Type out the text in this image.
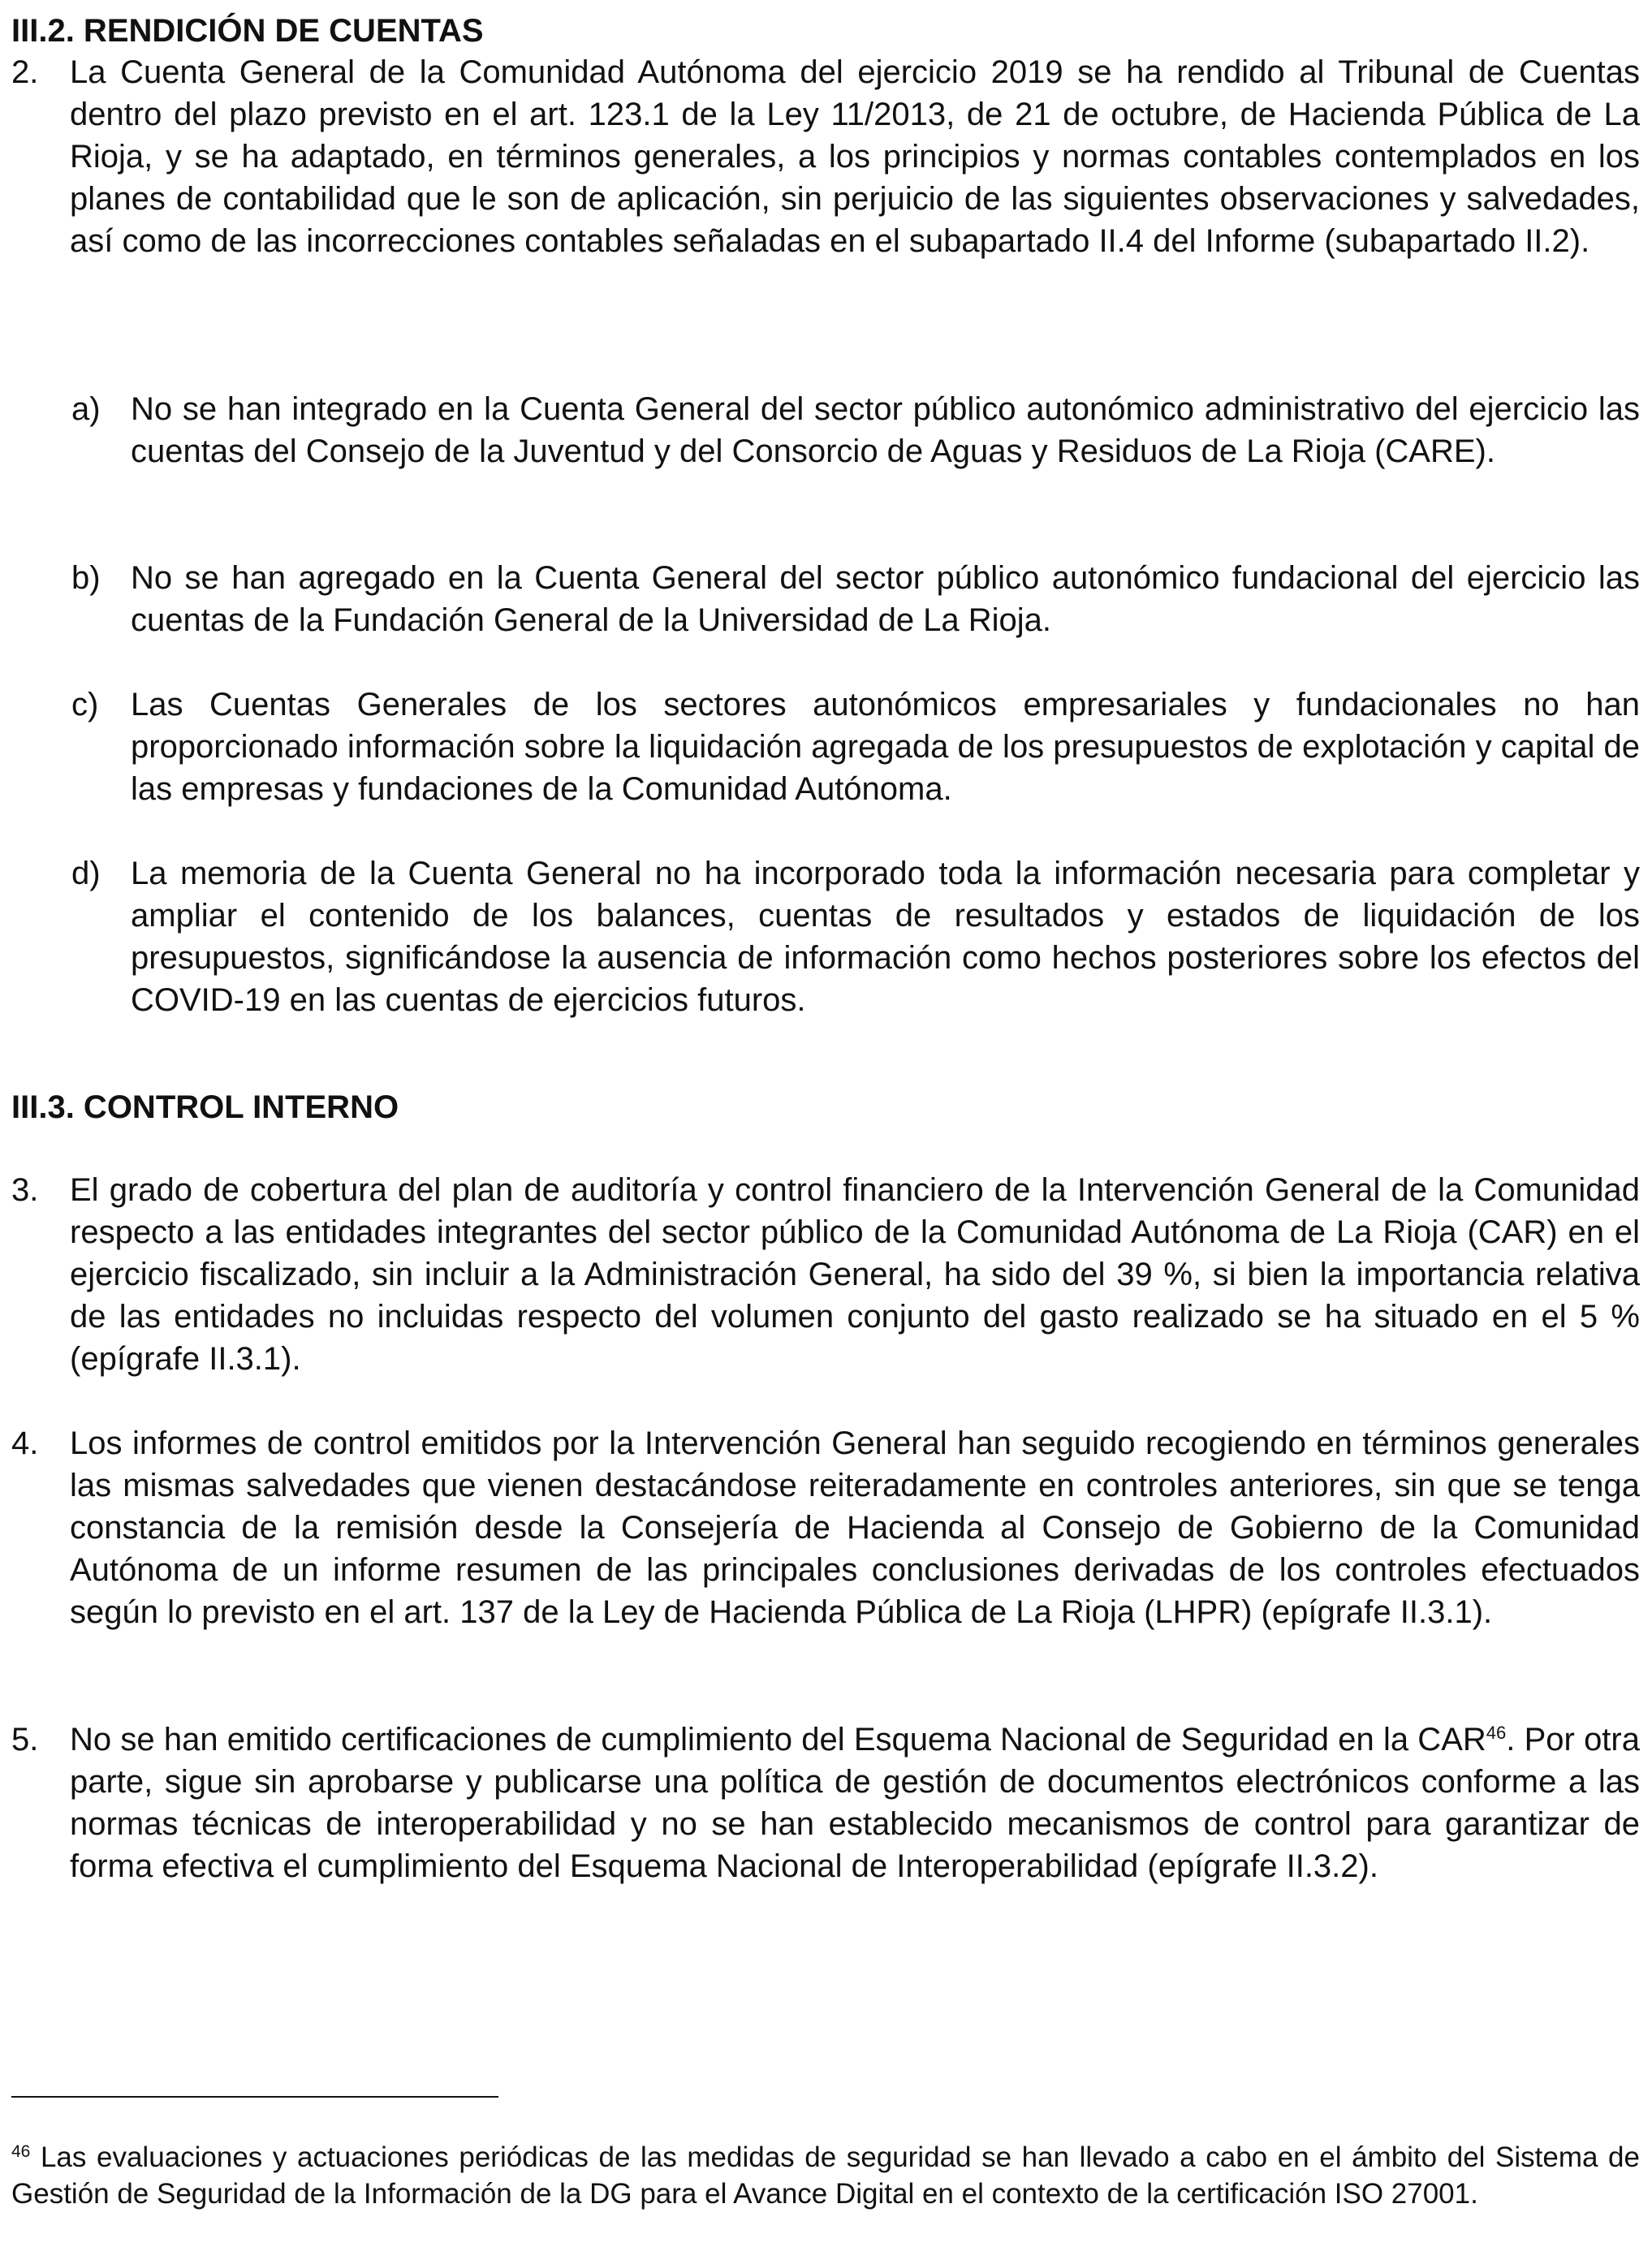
III.2. RENDICIÓN DE CUENTAS
2. La Cuenta General de la Comunidad Autónoma del ejercicio 2019 se ha rendido al Tribunal de Cuentas dentro del plazo previsto en el art. 123.1 de la Ley 11/2013, de 21 de octubre, de Hacienda Pública de La Rioja, y se ha adaptado, en términos generales, a los principios y normas contables contemplados en los planes de contabilidad que le son de aplicación, sin perjuicio de las siguientes observaciones y salvedades, así como de las incorrecciones contables señaladas en el subapartado II.4 del Informe (subapartado II.2).
a) No se han integrado en la Cuenta General del sector público autonómico administrativo del ejercicio las cuentas del Consejo de la Juventud y del Consorcio de Aguas y Residuos de La Rioja (CARE).
b) No se han agregado en la Cuenta General del sector público autonómico fundacional del ejercicio las cuentas de la Fundación General de la Universidad de La Rioja.
c) Las Cuentas Generales de los sectores autonómicos empresariales y fundacionales no han proporcionado información sobre la liquidación agregada de los presupuestos de explotación y capital de las empresas y fundaciones de la Comunidad Autónoma.
d) La memoria de la Cuenta General no ha incorporado toda la información necesaria para completar y ampliar el contenido de los balances, cuentas de resultados y estados de liquidación de los presupuestos, significándose la ausencia de información como hechos posteriores sobre los efectos del COVID-19 en las cuentas de ejercicios futuros.
III.3. CONTROL INTERNO
3. El grado de cobertura del plan de auditoría y control financiero de la Intervención General de la Comunidad respecto a las entidades integrantes del sector público de la Comunidad Autónoma de La Rioja (CAR) en el ejercicio fiscalizado, sin incluir a la Administración General, ha sido del 39 %, si bien la importancia relativa de las entidades no incluidas respecto del volumen conjunto del gasto realizado se ha situado en el 5 % (epígrafe II.3.1).
4. Los informes de control emitidos por la Intervención General han seguido recogiendo en términos generales las mismas salvedades que vienen destacándose reiteradamente en controles anteriores, sin que se tenga constancia de la remisión desde la Consejería de Hacienda al Consejo de Gobierno de la Comunidad Autónoma de un informe resumen de las principales conclusiones derivadas de los controles efectuados según lo previsto en el art. 137 de la Ley de Hacienda Pública de La Rioja (LHPR) (epígrafe II.3.1).
5. No se han emitido certificaciones de cumplimiento del Esquema Nacional de Seguridad en la CAR$^{46}$. Por otra parte, sigue sin aprobarse y publicarse una política de gestión de documentos electrónicos conforme a las normas técnicas de interoperabilidad y no se han establecido mecanismos de control para garantizar de forma efectiva el cumplimiento del Esquema Nacional de Interoperabilidad (epígrafe II.3.2).
$^{46}$ Las evaluaciones y actuaciones periódicas de las medidas de seguridad se han llevado a cabo en el ámbito del Sistema de Gestión de Seguridad de la Información de la DG para el Avance Digital en el contexto de la certificación ISO 27001.
